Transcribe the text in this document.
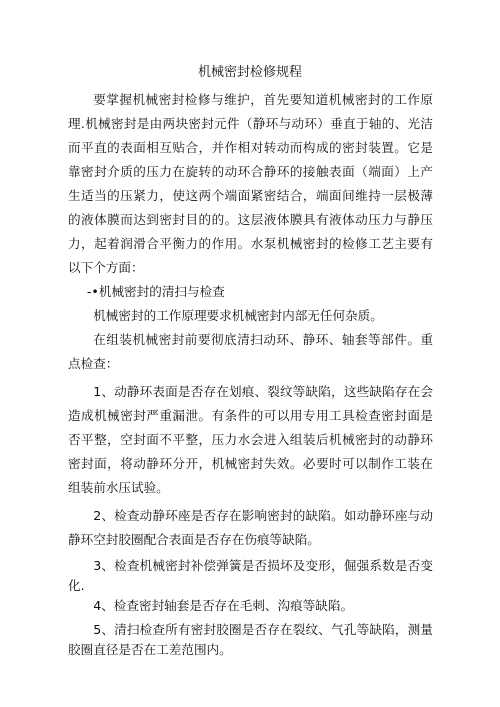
机械密封检修规程

要掌握机械密封检修与维护，首先要知道机械密封的工作原理.机械密封是由两块密封元件（静环与动环）垂直于轴的、光洁而平直的表面相互贴合，并作相对转动而构成的密封装置。它是靠密封介质的压力在旋转的动环合静环的接触表面（端面）上产生适当的压紧力，使这两个端面紧密结合，端面间维持一层极薄的液体膜而达到密封目的的。这层液体膜具有液体动压力与静压力，起着润滑合平衡力的作用。水泵机械密封的检修工艺主要有以下个方面：

-•机械密封的清扫与检查

机械密封的工作原理要求机械密封内部无任何杂质。

在组装机械密封前要彻底清扫动环、静环、轴套等部件。重点检查：

1、动静环表面是否存在划痕、裂纹等缺陷，这些缺陷存在会造成机械密封严重漏泄。有条件的可以用专用工具检查密封面是否平整，空封面不平整，压力水会进入组装后机械密封的动静环密封面，将动静环分开，机械密封失效。必要时可以制作工装在组装前水压试验。

2、检查动静环座是否存在影响密封的缺陷。如动静环座与动静环空封胶圈配合表面是否存在伤痕等缺陷。

3、检查机械密封补偿弹簧是否损坏及变形，倔强系数是否变化.

4、检查密封轴套是否存在毛刺、沟痕等缺陷。

5、清扫检查所有密封胶圈是否存在裂纹、气孔等缺陷，测量胶圈直径是否在工差范围内。
